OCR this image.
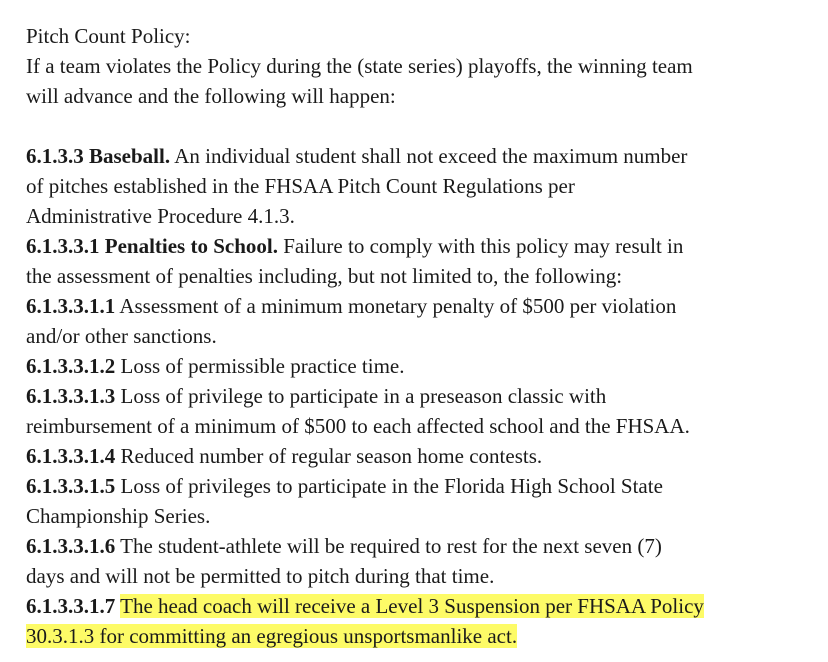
Pitch Count Policy:
If a team violates the Policy during the (state series) playoffs, the winning team
will advance and the following will happen:
6.1.3.3 Baseball. An individual student shall not exceed the maximum number
of pitches established in the FHSAA Pitch Count Regulations per
Administrative Procedure 4.1.3.
6.1.3.3.1 Penalties to School. Failure to comply with this policy may result in
the assessment of penalties including, but not limited to, the following:
6.1.3.3.1.1 Assessment of a minimum monetary penalty of $500 per violation
and/or other sanctions.
6.1.3.3.1.2 Loss of permissible practice time.
6.1.3.3.1.3 Loss of privilege to participate in a preseason classic with
reimbursement of a minimum of $500 to each affected school and the FHSAA.
6.1.3.3.1.4 Reduced number of regular season home contests.
6.1.3.3.1.5 Loss of privileges to participate in the Florida High School State
Championship Series.
6.1.3.3.1.6 The student-athlete will be required to rest for the next seven (7)
days and will not be permitted to pitch during that time.
6.1.3.3.1.7 The head coach will receive a Level 3 Suspension per FHSAA Policy
30.3.1.3 for committing an egregious unsportsmanlike act.
